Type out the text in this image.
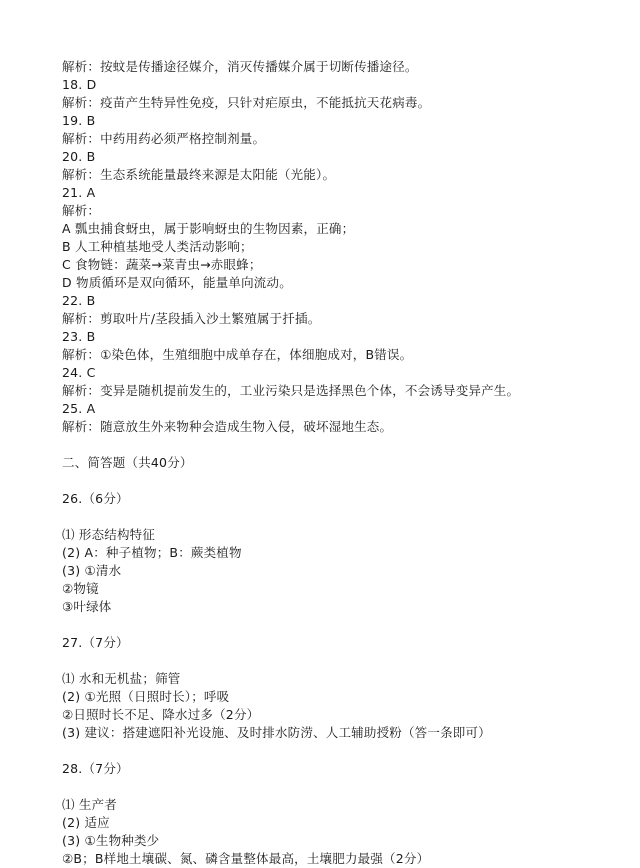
解析：按蚊是传播途径媒介，消灭传播媒介属于切断传播途径。
18. D
解析：疫苗产生特异性免疫，只针对疟原虫，不能抵抗天花病毒。
19. B
解析：中药用药必须严格控制剂量。
20. B
解析：生态系统能量最终来源是太阳能（光能）。
21. A
解析：
A 瓢虫捕食蚜虫，属于影响蚜虫的生物因素，正确；
B 人工种植基地受人类活动影响；
C 食物链：蔬菜→菜青虫→赤眼蜂；
D 物质循环是双向循环，能量单向流动。
22. B
解析：剪取叶片/茎段插入沙土繁殖属于扦插。
23. B
解析：①染色体，生殖细胞中成单存在，体细胞成对，B错误。
24. C
解析：变异是随机提前发生的，工业污染只是选择黑色个体，不会诱导变异产生。
25. A
解析：随意放生外来物种会造成生物入侵，破坏湿地生态。
二、简答题（共40分）
26.（6分）
⑴ 形态结构特征
(2) A：种子植物；B：蕨类植物
(3) ①清水
②物镜
③叶绿体
27.（7分）
⑴ 水和无机盐；筛管
(2) ①光照（日照时长）；呼吸
②日照时长不足、降水过多（2分）
(3) 建议：搭建遮阳补光设施、及时排水防涝、人工辅助授粉（答一条即可）
28.（7分）
⑴ 生产者
(2) 适应
(3) ①生物种类少
②B；B样地土壤碳、氮、磷含量整体最高，土壤肥力最强（2分）
